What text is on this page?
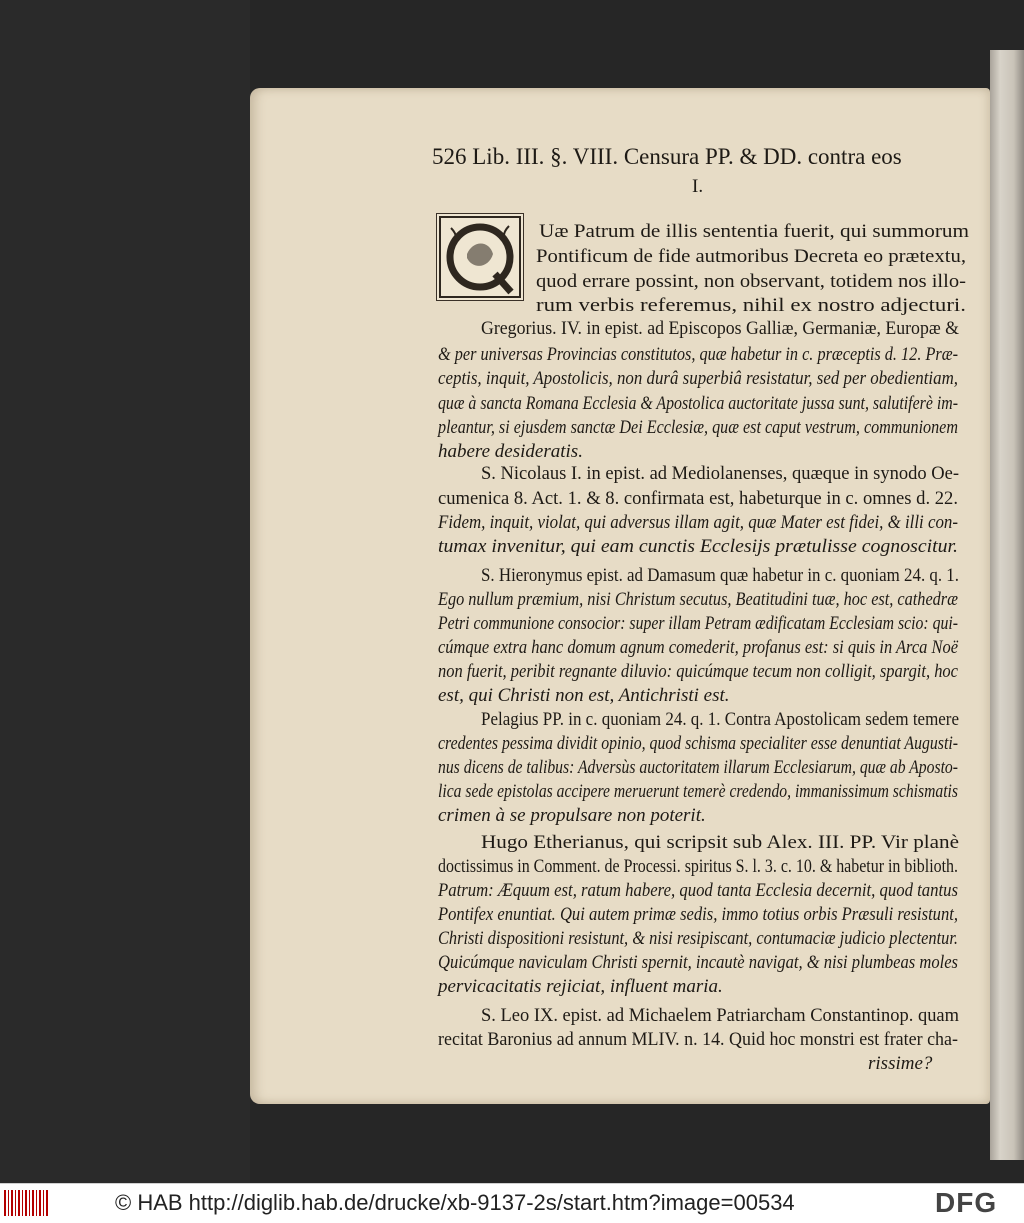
526 Lib. III. §. VIII. Censura PP. & DD. contra eos
I.
Uæ Patrum de illis sententia fuerit, qui summorum
Pontificum de fide autmoribus Decreta eo prætextu,
quod errare possint, non observant, totidem nos illo-
rum verbis referemus, nihil ex nostro adjecturi.
Gregorius. IV. in epist. ad Episcopos Galliæ, Germaniæ, Europæ &
& per universas Provincias constitutos, quæ habetur in c. præceptis d. 12. Præ-
ceptis, inquit, Apostolicis, non durâ superbiâ resistatur, sed per obedientiam,
quæ à sancta Romana Ecclesia & Apostolica auctoritate jussa sunt, salutiferè im-
pleantur, si ejusdem sanctæ Dei Ecclesiæ, quæ est caput vestrum, communionem
habere desideratis.
S. Nicolaus I. in epist. ad Mediolanenses, quæque in synodo Oe-
cumenica 8. Act. 1. & 8. confirmata est, habeturque in c. omnes d. 22.
Fidem, inquit, violat, qui adversus illam agit, quæ Mater est fidei, & illi con-
tumax invenitur, qui eam cunctis Ecclesijs prætulisse cognoscitur.
S. Hieronymus epist. ad Damasum quæ habetur in c. quoniam 24. q. 1.
Ego nullum præmium, nisi Christum secutus, Beatitudini tuæ, hoc est, cathedræ
Petri communione consocior: super illam Petram ædificatam Ecclesiam scio: qui-
cúmque extra hanc domum agnum comederit, profanus est: si quis in Arca Noë
non fuerit, peribit regnante diluvio: quicúmque tecum non colligit, spargit, hoc
est, qui Christi non est, Antichristi est.
Pelagius PP. in c. quoniam 24. q. 1. Contra Apostolicam sedem temere
credentes pessima dividit opinio, quod schisma specialiter esse denuntiat Augusti-
nus dicens de talibus: Adversùs auctoritatem illarum Ecclesiarum, quæ ab Aposto-
lica sede epistolas accipere meruerunt temerè credendo, immanissimum schismatis
crimen à se propulsare non poterit.
Hugo Etherianus, qui scripsit sub Alex. III. PP. Vir planè
doctissimus in Comment. de Processi. spiritus S. l. 3. c. 10. & habetur in biblioth.
Patrum: Æquum est, ratum habere, quod tanta Ecclesia decernit, quod tantus
Pontifex enuntiat. Qui autem primæ sedis, immo totius orbis Præsuli resistunt,
Christi dispositioni resistunt, & nisi resipiscant, contumaciæ judicio plectentur.
Quicúmque naviculam Christi spernit, incautè navigat, & nisi plumbeas moles
pervicacitatis rejiciat, influent maria.
S. Leo IX. epist. ad Michaelem Patriarcham Constantinop. quam
recitat Baronius ad annum MLIV. n. 14. Quid hoc monstri est frater cha-
rissime?
© HAB http://diglib.hab.de/drucke/xb-9137-2s/start.htm?image=00534	DFG
